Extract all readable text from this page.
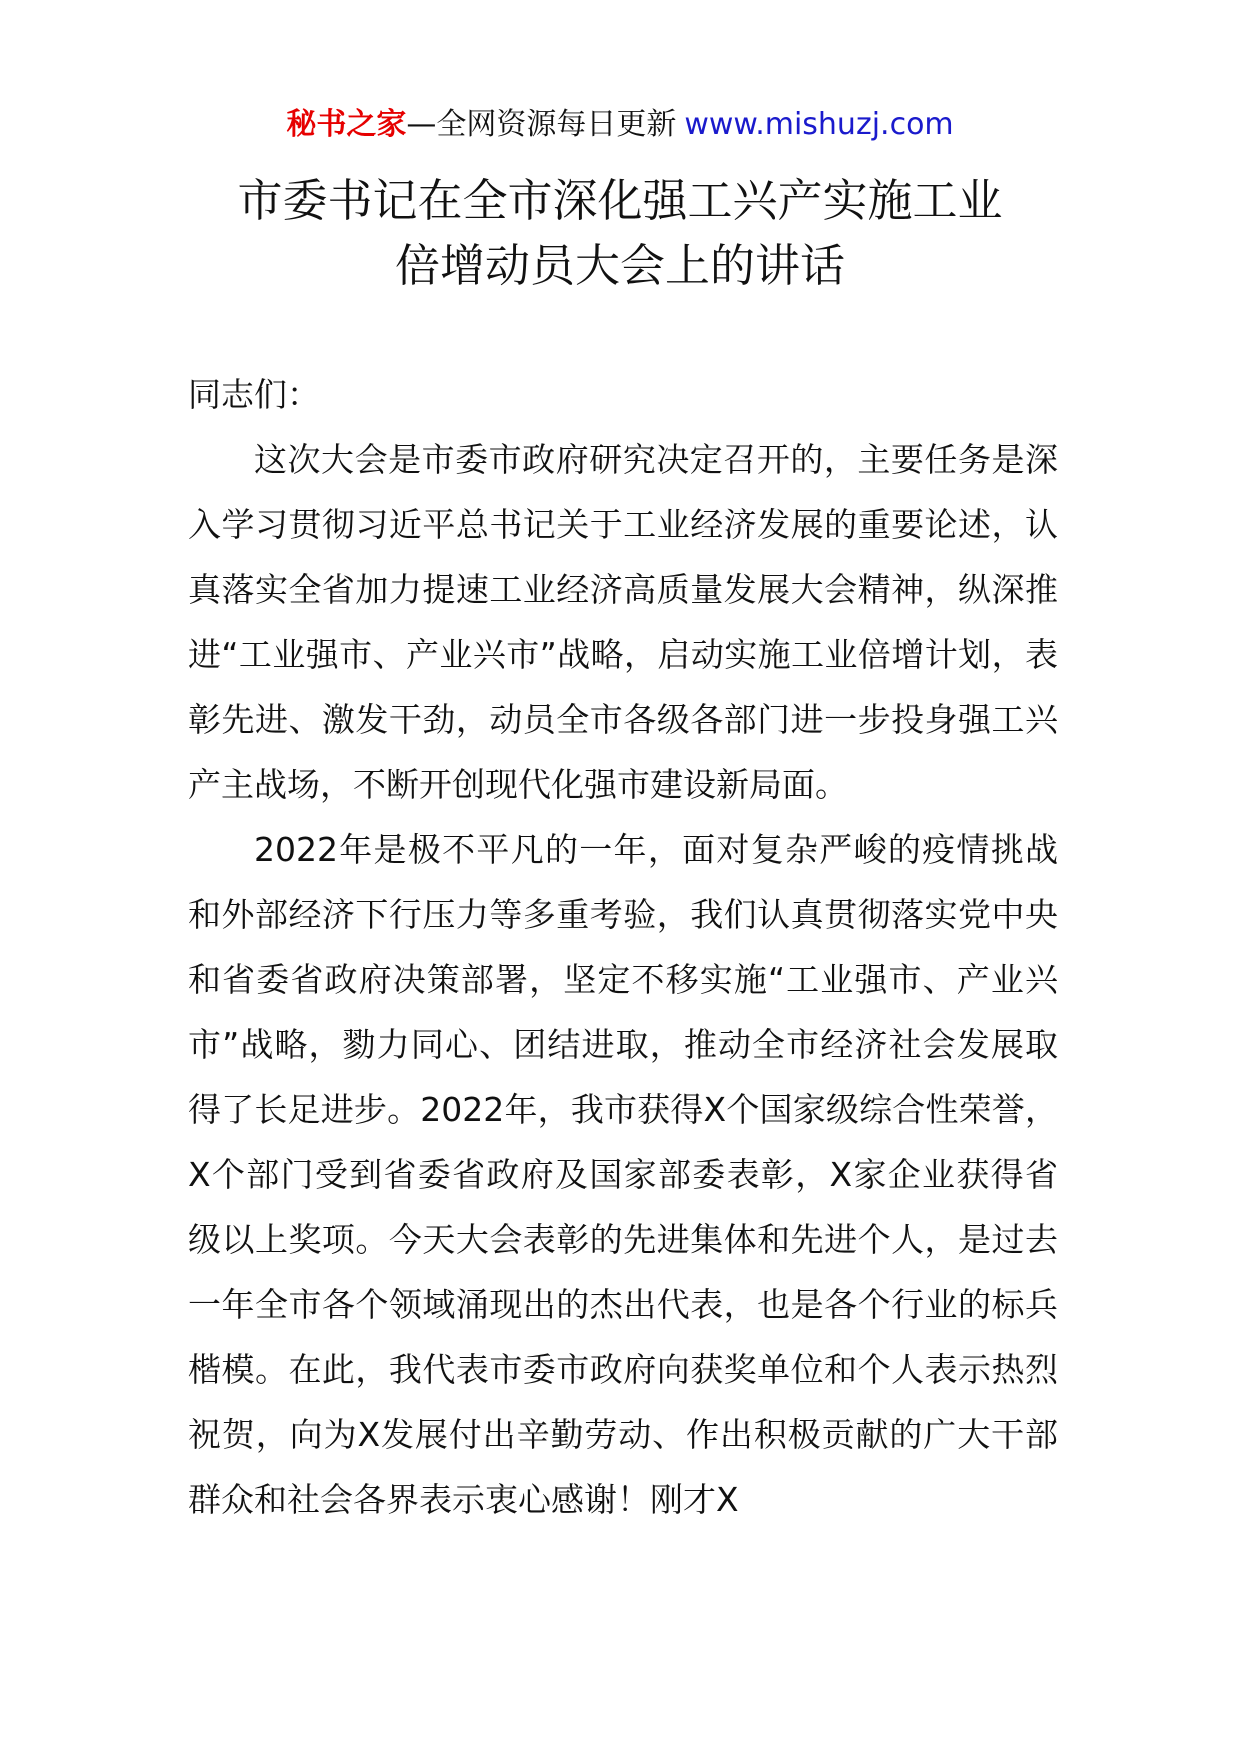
秘书之家—全网资源每日更新 www.mishuzj.com
市委书记在全市深化强工兴产实施工业
倍增动员大会上的讲话

同志们：

这次大会是市委市政府研究决定召开的，主要任务是深入学习贯彻习近平总书记关于工业经济发展的重要论述，认真落实全省加力提速工业经济高质量发展大会精神，纵深推进“工业强市、产业兴市”战略，启动实施工业倍增计划，表彰先进、激发干劲，动员全市各级各部门进一步投身强工兴产主战场，不断开创现代化强市建设新局面。

2022年是极不平凡的一年，面对复杂严峻的疫情挑战和外部经济下行压力等多重考验，我们认真贯彻落实党中央和省委省政府决策部署，坚定不移实施“工业强市、产业兴市”战略，勠力同心、团结进取，推动全市经济社会发展取得了长足进步。2022年，我市获得X个国家级综合性荣誉，X个部门受到省委省政府及国家部委表彰，X家企业获得省级以上奖项。今天大会表彰的先进集体和先进个人，是过去一年全市各个领域涌现出的杰出代表，也是各个行业的标兵楷模。在此，我代表市委市政府向获奖单位和个人表示热烈祝贺，向为X发展付出辛勤劳动、作出积极贡献的广大干部群众和社会各界表示衷心感谢！刚才X
